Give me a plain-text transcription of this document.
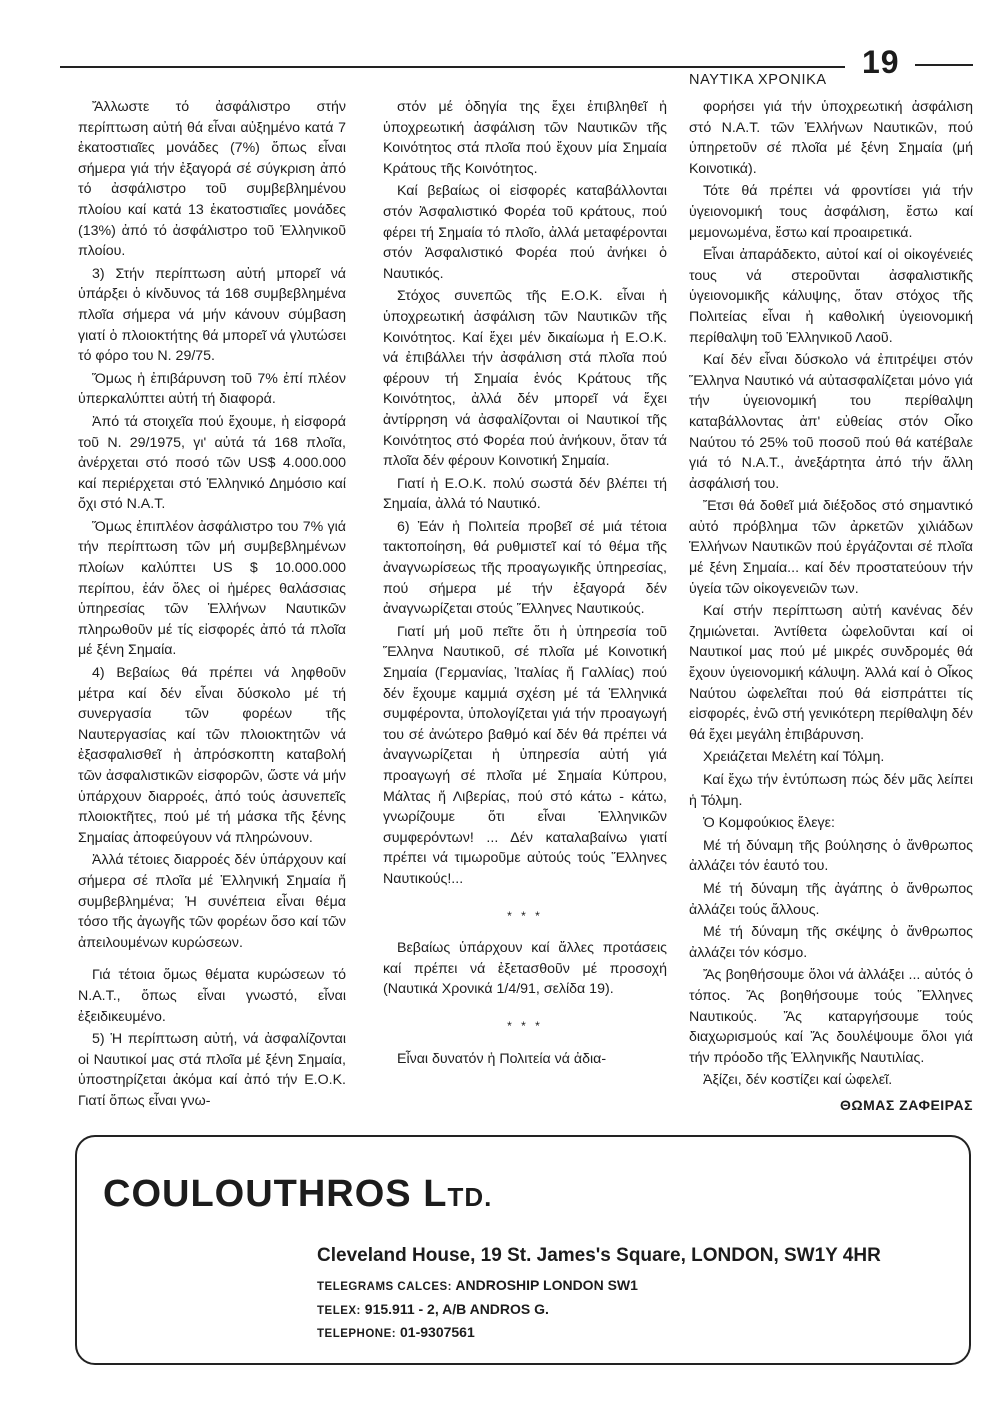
ΝΑΥΤΙΚΑ ΧΡΟΝΙΚΑ 19

Ἄλλωστε τό ἀσφάλιστρο στήν περίπτωση αὐτή θά εἶναι αὐξημένο κατά 7 ἑκατοστιαῖες μονάδες (7%) ὅπως εἶναι σήμερα γιά τήν ἐξαγορά σέ σύγκριση ἀπό τό ἀσφάλιστρο τοῦ συμβεβλημένου πλοίου καί κατά 13 ἑκατοστιαῖες μονάδες (13%) ἀπό τό ἀσφάλιστρο τοῦ Ἑλληνικοῦ πλοίου.

3) Στήν περίπτωση αὐτή μπορεῖ νά ὑπάρξει ὁ κίνδυνος τά 168 συμβεβλημένα πλοῖα σήμερα νά μήν κάνουν σύμβαση γιατί ὁ πλοιοκτήτης θά μπορεῖ νά γλυτώσει τό φόρο του Ν. 29/75.

Ὅμως ἡ ἐπιβάρυνση τοῦ 7% ἐπί πλέον ὑπερκαλύπτει αὐτή τή διαφορά.

Ἀπό τά στοιχεῖα πού ἔχουμε, ἡ εἰσφορά τοῦ Ν. 29/1975, γι' αὐτά τά 168 πλοῖα, ἀνέρχεται στό ποσό τῶν US$ 4.000.000 καί περιέρχεται στό Ἑλληνικό Δημόσιο καί ὄχι στό Ν.Α.Τ.

Ὅμως ἐπιπλέον ἀσφάλιστρο του 7% γιά τήν περίπτωση τῶν μή συμβεβλημένων πλοίων καλύπτει US $ 10.000.000 περίπου, ἐάν ὅλες οἱ ἡμέρες θαλάσσιας ὑπηρεσίας τῶν Ἑλλήνων Ναυτικῶν πληρωθοῦν μέ τίς εἰσφορές ἀπό τά πλοῖα μέ ξένη Σημαία.

4) Βεβαίως θά πρέπει νά ληφθοῦν μέτρα καί δέν εἶναι δύσκολο μέ τή συνεργασία τῶν φορέων τῆς Ναυτεργασίας καί τῶν πλοιοκτητῶν νά ἐξασφαλισθεῖ ἡ ἀπρόσκοπτη καταβολή τῶν ἀσφαλιστικῶν εἰσφορῶν, ὥστε νά μήν ὑπάρχουν διαρροές, ἀπό τούς ἀσυνεπεῖς πλοιοκτῆτες, πού μέ τή μάσκα τῆς ξένης Σημαίας ἀποφεύγουν νά πληρώνουν.

Ἀλλά τέτοιες διαρροές δέν ὑπάρχουν καί σήμερα σέ πλοῖα μέ Ἑλληνική Σημαία ἤ συμβεβλημένα; Ἡ συνέπεια εἶναι θέμα τόσο τῆς ἀγωγῆς τῶν φορέων ὅσο καί τῶν ἀπειλουμένων κυρώσεων.

Γιά τέτοια ὅμως θέματα κυρώσεων τό Ν.Α.Τ., ὅπως εἶναι γνωστό, εἶναι ἐξειδικευμένο.

5) Ἡ περίπτωση αὐτή, νά ἀσφαλίζονται οἱ Ναυτικοί μας στά πλοῖα μέ ξένη Σημαία, ὑποστηρίζεται ἀκόμα καί ἀπό τήν Ε.Ο.Κ. Γιατί ὅπως εἶναι γνω-

στόν μέ ὁδηγία της ἔχει ἐπιβληθεῖ ἡ ὑποχρεωτική ἀσφάλιση τῶν Ναυτικῶν τῆς Κοινότητος στά πλοῖα πού ἔχουν μία Σημαία Κράτους τῆς Κοινότητος.

Καί βεβαίως οἱ εἰσφορές καταβάλλονται στόν Ἀσφαλιστικό Φορέα τοῦ κράτους, πού φέρει τή Σημαία τό πλοῖο, ἀλλά μεταφέρονται στόν Ἀσφαλιστικό Φορέα πού ἀνήκει ὁ Ναυτικός.

Στόχος συνεπῶς τῆς Ε.Ο.Κ. εἶναι ἡ ὑποχρεωτική ἀσφάλιση τῶν Ναυτικῶν τῆς Κοινότητος. Καί ἔχει μέν δικαίωμα ἡ Ε.Ο.Κ. νά ἐπιβάλλει τήν ἀσφάλιση στά πλοῖα πού φέρουν τή Σημαία ἑνός Κράτους τῆς Κοινότητος, ἀλλά δέν μπορεῖ νά ἔχει ἀντίρρηση νά ἀσφαλίζονται οἱ Ναυτικοί τῆς Κοινότητος στό Φορέα πού ἀνήκουν, ὅταν τά πλοῖα δέν φέρουν Κοινοτική Σημαία.

Γιατί ἡ Ε.Ο.Κ. πολύ σωστά δέν βλέπει τή Σημαία, ἀλλά τό Ναυτικό.

6) Ἐάν ἡ Πολιτεία προβεῖ σέ μιά τέτοια τακτοποίηση, θά ρυθμιστεῖ καί τό θέμα τῆς ἀναγνωρίσεως τῆς προαγωγικῆς ὑπηρεσίας, πού σήμερα μέ τήν ἐξαγορά δέν ἀναγνωρίζεται στούς Ἕλληνες Ναυτικούς.

Γιατί μή μοῦ πεῖτε ὅτι ἡ ὑπηρεσία τοῦ Ἕλληνα Ναυτικοῦ, σέ πλοῖα μέ Κοινοτική Σημαία (Γερμανίας, Ἰταλίας ἤ Γαλλίας) πού δέν ἔχουμε καμμιά σχέση μέ τά Ἑλληνικά συμφέροντα, ὑπολογίζεται γιά τήν προαγωγή του σέ ἀνώτερο βαθμό καί δέν θά πρέπει νά ἀναγνωρίζεται ἡ ὑπηρεσία αὐτή γιά προαγωγή σέ πλοῖα μέ Σημαία Κύπρου, Μάλτας ἤ Λιβερίας, πού στό κάτω - κάτω, γνωρίζουμε ὅτι εἶναι Ἑλληνικῶν συμφερόντων! ... Δέν καταλαβαίνω γιατί πρέπει νά τιμωροῦμε αὐτούς τούς Ἕλληνες Ναυτικούς!...

* * *

Βεβαίως ὑπάρχουν καί ἄλλες προτάσεις καί πρέπει νά ἐξετασθοῦν μέ προσοχή (Ναυτικά Χρονικά 1/4/91, σελίδα 19).

* * *

Εἶναι δυνατόν ἡ Πολιτεία νά ἀδια-

φορήσει γιά τήν ὑποχρεωτική ἀσφάλιση στό Ν.Α.Τ. τῶν Ἑλλήνων Ναυτικῶν, πού ὑπηρετοῦν σέ πλοῖα μέ ξένη Σημαία (μή Κοινοτικά).

Τότε θά πρέπει νά φροντίσει γιά τήν ὑγειονομική τους ἀσφάλιση, ἔστω καί μεμονωμένα, ἔστω καί προαιρετικά.

Εἶναι ἀπαράδεκτο, αὐτοί καί οἱ οἰκογένειές τους νά στεροῦνται ἀσφαλιστικῆς ὑγειονομικῆς κάλυψης, ὅταν στόχος τῆς Πολιτείας εἶναι ἡ καθολική ὑγειονομική περίθαλψη τοῦ Ἑλληνικοῦ Λαοῦ.

Καί δέν εἶναι δύσκολο νά ἐπιτρέψει στόν Ἕλληνα Ναυτικό νά αὐτασφαλίζεται μόνο γιά τήν ὑγειονομική του περίθαλψη καταβάλλοντας ἀπ' εὐθείας στόν Οἶκο Ναύτου τό 25% τοῦ ποσοῦ πού θά κατέβαλε γιά τό Ν.Α.Τ., ἀνεξάρτητα ἀπό τήν ἄλλη ἀσφάλισή του.

Ἔτσι θά δοθεῖ μιά διέξοδος στό σημαντικό αὐτό πρόβλημα τῶν ἀρκετῶν χιλιάδων Ἑλλήνων Ναυτικῶν πού ἐργάζονται σέ πλοῖα μέ ξένη Σημαία... καί δέν προστατεύουν τήν ὑγεία τῶν οἰκογενειῶν των.

Καί στήν περίπτωση αὐτή κανένας δέν ζημιώνεται. Ἀντίθετα ὠφελοῦνται καί οἱ Ναυτικοί μας πού μέ μικρές συνδρομές θά ἔχουν ὑγειονομική κάλυψη. Ἀλλά καί ὁ Οἶκος Ναύτου ὠφελεῖται πού θά εἰσπράττει τίς εἰσφορές, ἐνῶ στή γενικότερη περίθαλψη δέν θά ἔχει μεγάλη ἐπιβάρυνση.

Χρειάζεται Μελέτη καί Τόλμη.

Καί ἔχω τήν ἐντύπωση πώς δέν μᾶς λείπει ἡ Τόλμη.

Ὁ Κομφούκιος ἔλεγε:

Μέ τή δύναμη τῆς βούλησης ὁ ἄνθρωπος ἀλλάζει τόν ἑαυτό του.

Μέ τή δύναμη τῆς ἀγάπης ὁ ἄνθρωπος ἀλλάζει τούς ἄλλους.

Μέ τή δύναμη τῆς σκέψης ὁ ἄνθρωπος ἀλλάζει τόν κόσμο.

Ἄς βοηθήσουμε ὅλοι νά ἀλλάξει ... αὐτός ὁ τόπος. Ἄς βοηθήσουμε τούς Ἕλληνες Ναυτικούς. Ἄς καταργήσουμε τούς διαχωρισμούς καί Ἄς δουλέψουμε ὅλοι γιά τήν πρόοδο τῆς Ἑλληνικῆς Ναυτιλίας.

Ἀξίζει, δέν κοστίζει καί ὠφελεῖ.

ΘΩΜΑΣ ΖΑΦΕΙΡΑΣ
COULOUTHROS LTD.
Cleveland House, 19 St. James's Square, LONDON, SW1Y 4HR
TELEGRAMS CALCES: ANDROSHIP LONDON SW1
TELEX: 915.911 - 2, A/B ANDROS G.
TELEPHONE: 01-9307561
